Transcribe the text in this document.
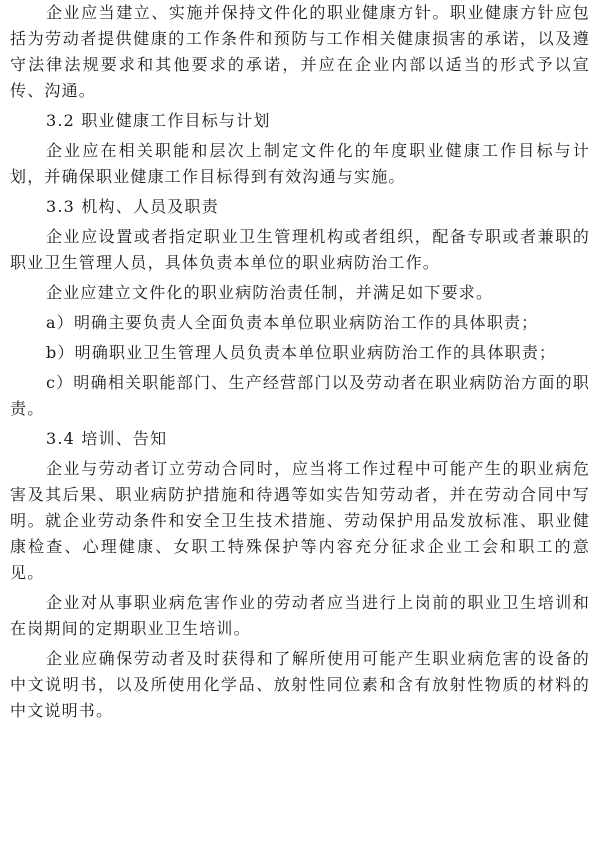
企业应当建立、实施并保持文件化的职业健康方针。职业健康方针应包括为劳动者提供健康的工作条件和预防与工作相关健康损害的承诺，以及遵守法律法规要求和其他要求的承诺，并应在企业内部以适当的形式予以宣传、沟通。

3.2 职业健康工作目标与计划

企业应在相关职能和层次上制定文件化的年度职业健康工作目标与计划，并确保职业健康工作目标得到有效沟通与实施。

3.3 机构、人员及职责

企业应设置或者指定职业卫生管理机构或者组织，配备专职或者兼职的职业卫生管理人员，具体负责本单位的职业病防治工作。

企业应建立文件化的职业病防治责任制，并满足如下要求。

a）明确主要负责人全面负责本单位职业病防治工作的具体职责；

b）明确职业卫生管理人员负责本单位职业病防治工作的具体职责；

c）明确相关职能部门、生产经营部门以及劳动者在职业病防治方面的职责。

3.4 培训、告知

企业与劳动者订立劳动合同时，应当将工作过程中可能产生的职业病危害及其后果、职业病防护措施和待遇等如实告知劳动者，并在劳动合同中写明。就企业劳动条件和安全卫生技术措施、劳动保护用品发放标准、职业健康检查、心理健康、女职工特殊保护等内容充分征求企业工会和职工的意见。

企业对从事职业病危害作业的劳动者应当进行上岗前的职业卫生培训和在岗期间的定期职业卫生培训。

企业应确保劳动者及时获得和了解所使用可能产生职业病危害的设备的中文说明书，以及所使用化学品、放射性同位素和含有放射性物质的材料的中文说明书。
